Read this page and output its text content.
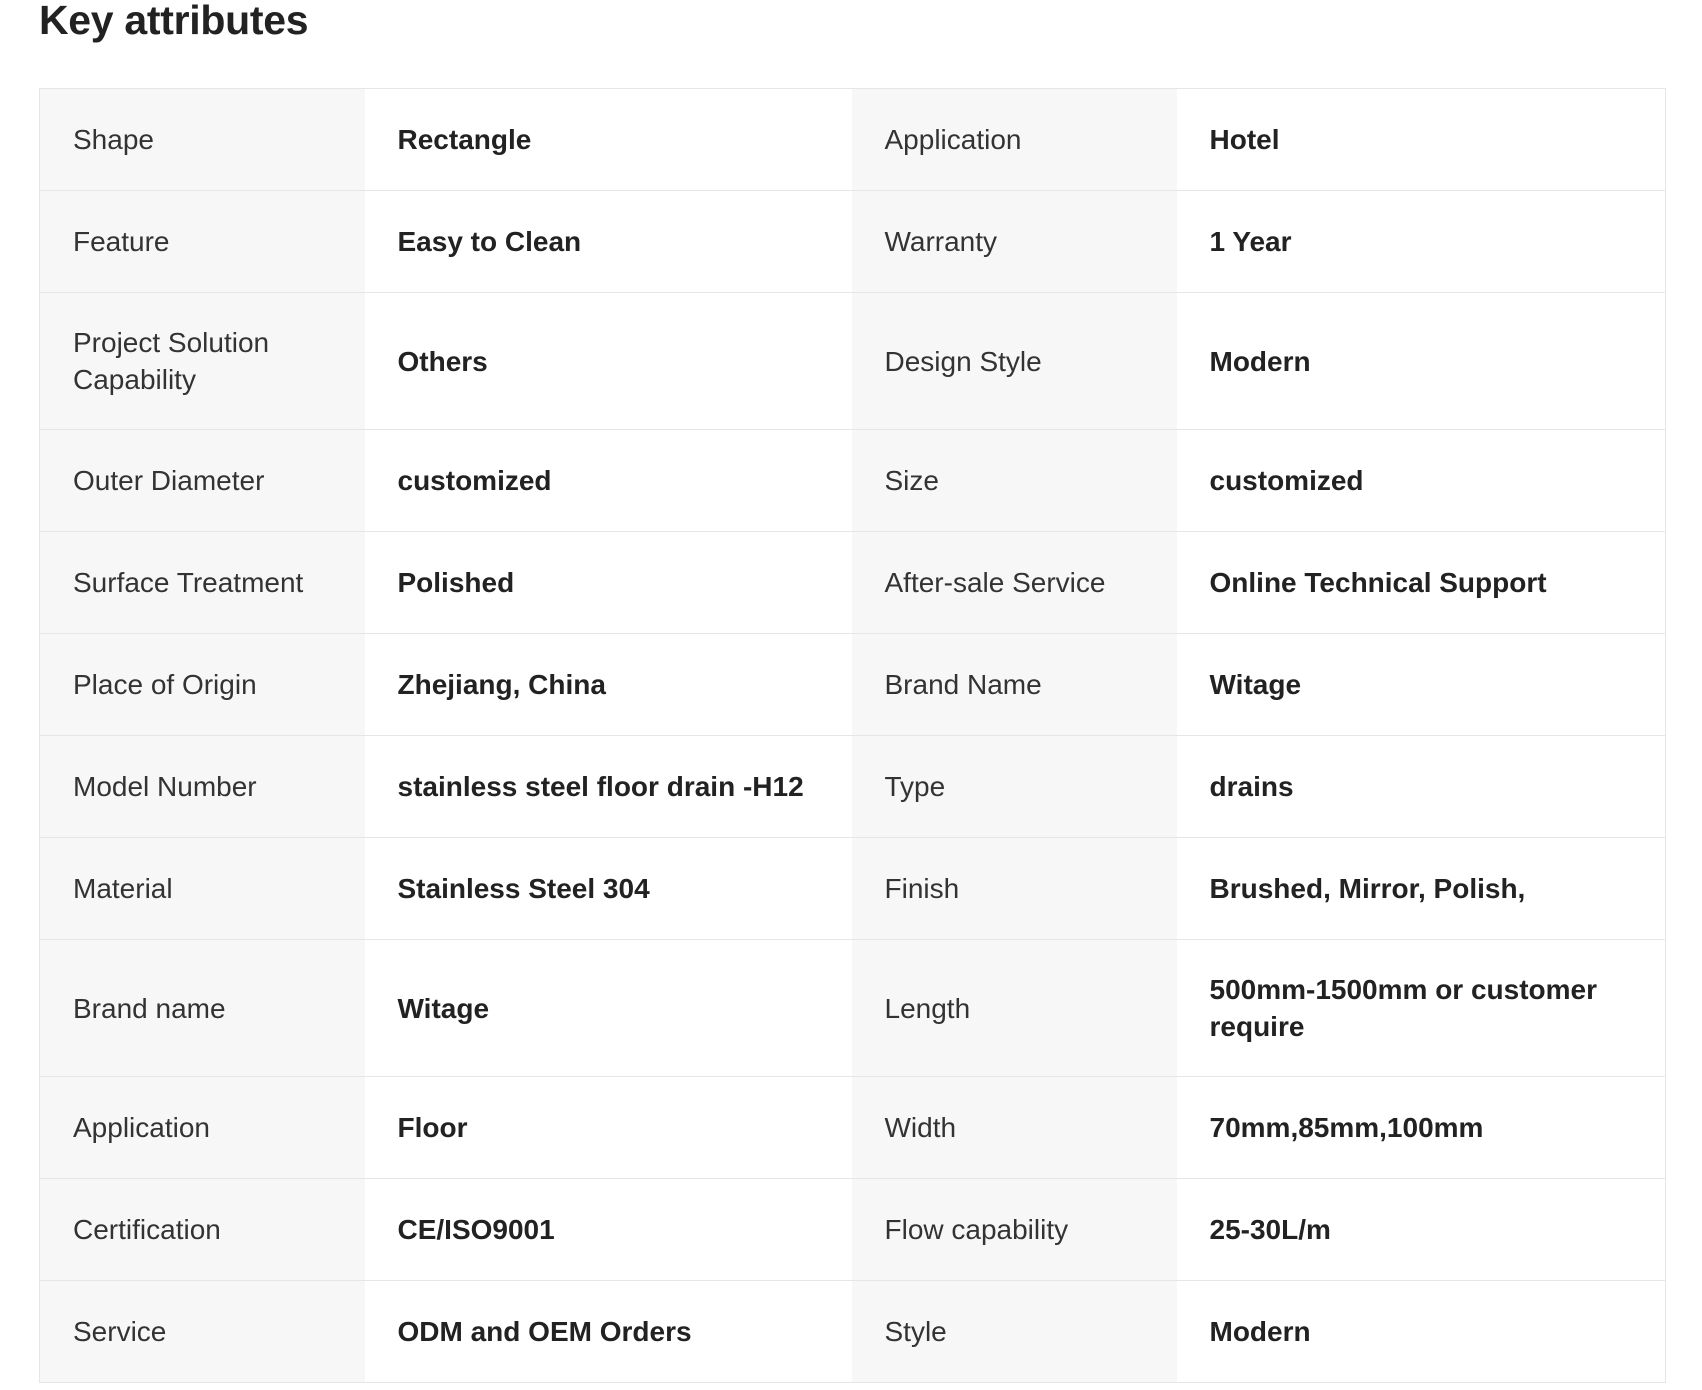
Key attributes
Shape	Rectangle	Application	Hotel
Feature	Easy to Clean	Warranty	1 Year
Project Solution Capability	Others	Design Style	Modern
Outer Diameter	customized	Size	customized
Surface Treatment	Polished	After-sale Service	Online Technical Support
Place of Origin	Zhejiang, China	Brand Name	Witage
Model Number	stainless steel floor drain -H12	Type	drains
Material	Stainless Steel 304	Finish	Brushed, Mirror, Polish,
Brand name	Witage	Length	500mm-1500mm or customer require
Application	Floor	Width	70mm,85mm,100mm
Certification	CE/ISO9001	Flow capability	25-30L/m
Service	ODM and OEM Orders	Style	Modern
